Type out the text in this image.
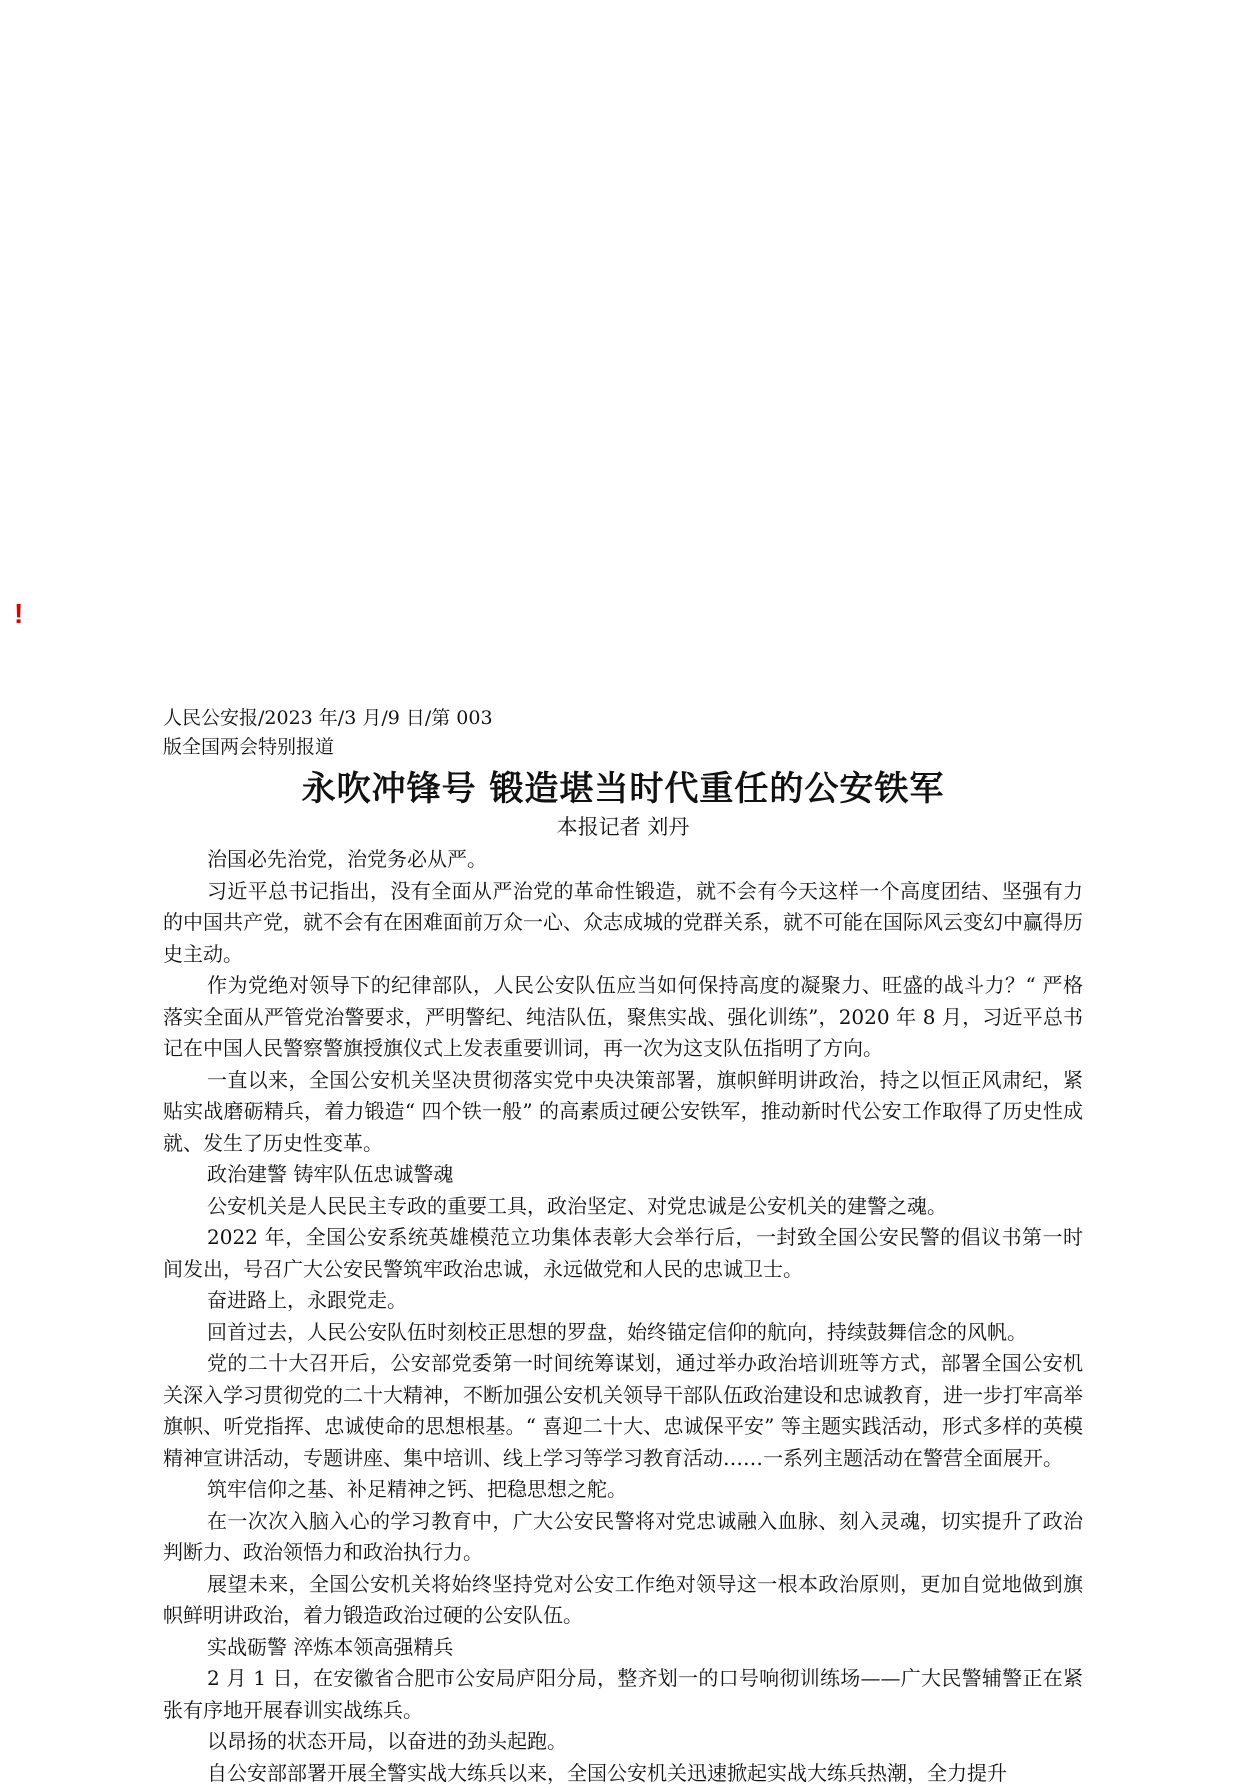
!

人民公安报/2023 年/3 月/9 日/第 003

版全国两会特别报道

永吹冲锋号 锻造堪当时代重任的公安铁军
本报记者 刘丹

治国必先治党，治党务必从严。

习近平总书记指出，没有全面从严治党的革命性锻造，就不会有今天这样一个高度团结、坚强有力的中国共产党，就不会有在困难面前万众一心、众志成城的党群关系，就不可能在国际风云变幻中赢得历史主动。

作为党绝对领导下的纪律部队，人民公安队伍应当如何保持高度的凝聚力、旺盛的战斗力？“ 严格落实全面从严管党治警要求，严明警纪、纯洁队伍，聚焦实战、强化训练”，2020 年 8 月，习近平总书记在中国人民警察警旗授旗仪式上发表重要训词，再一次为这支队伍指明了方向。

一直以来，全国公安机关坚决贯彻落实党中央决策部署，旗帜鲜明讲政治，持之以恒正风肃纪，紧贴实战磨砺精兵，着力锻造“ 四个铁一般” 的高素质过硬公安铁军，推动新时代公安工作取得了历史性成就、发生了历史性变革。

政治建警 铸牢队伍忠诚警魂

公安机关是人民民主专政的重要工具，政治坚定、对党忠诚是公安机关的建警之魂。

2022 年，全国公安系统英雄模范立功集体表彰大会举行后，一封致全国公安民警的倡议书第一时间发出，号召广大公安民警筑牢政治忠诚，永远做党和人民的忠诚卫士。

奋进路上，永跟党走。

回首过去，人民公安队伍时刻校正思想的罗盘，始终锚定信仰的航向，持续鼓舞信念的风帆。

党的二十大召开后，公安部党委第一时间统筹谋划，通过举办政治培训班等方式，部署全国公安机关深入学习贯彻党的二十大精神，不断加强公安机关领导干部队伍政治建设和忠诚教育，进一步打牢高举旗帜、听党指挥、忠诚使命的思想根基。“ 喜迎二十大、忠诚保平安” 等主题实践活动，形式多样的英模精神宣讲活动，专题讲座、集中培训、线上学习等学习教育活动……一系列主题活动在警营全面展开。

筑牢信仰之基、补足精神之钙、把稳思想之舵。

在一次次入脑入心的学习教育中，广大公安民警将对党忠诚融入血脉、刻入灵魂，切实提升了政治判断力、政治领悟力和政治执行力。

展望未来，全国公安机关将始终坚持党对公安工作绝对领导这一根本政治原则，更加自觉地做到旗帜鲜明讲政治，着力锻造政治过硬的公安队伍。

实战砺警 淬炼本领高强精兵

2 月 1 日，在安徽省合肥市公安局庐阳分局，整齐划一的口号响彻训练场——广大民警辅警正在紧张有序地开展春训实战练兵。

以昂扬的状态开局，以奋进的劲头起跑。

自公安部部署开展全警实战大练兵以来，全国公安机关迅速掀起实战大练兵热潮，全力提升
